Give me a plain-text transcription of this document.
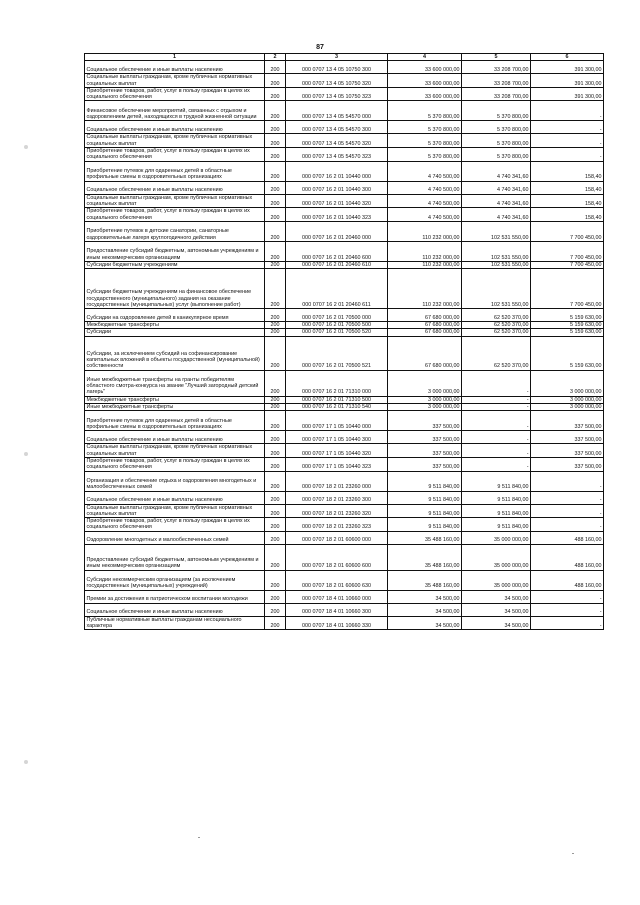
87
1	2	3	4	5	6
Социальное обеспечение и иные выплаты населению	200	000 0707 13 4 05 10750 300	33 600 000,00	33 208 700,00	391 300,00
Социальные выплаты гражданам, кроме публичных нормативных социальных выплат	200	000 0707 13 4 05 10750 320	33 600 000,00	33 208 700,00	391 300,00
Приобретение товаров, работ, услуг в пользу граждан в целях их социального обеспечения	200	000 0707 13 4 05 10750 323	33 600 000,00	33 208 700,00	391 300,00
Финансовое обеспечение мероприятий, связанных с отдыхом и оздоровлением детей, находящихся в трудной жизненной ситуации	200	000 0707 13 4 05 54570 000	5 370 800,00	5 370 800,00	-
Социальное обеспечение и иные выплаты населению	200	000 0707 13 4 05 54570 300	5 370 800,00	5 370 800,00	-
Социальные выплаты гражданам, кроме публичных нормативных социальных выплат	200	000 0707 13 4 05 54570 320	5 370 800,00	5 370 800,00	-
Приобретение товаров, работ, услуг в пользу граждан в целях их социального обеспечения	200	000 0707 13 4 05 54570 323	5 370 800,00	5 370 800,00	-
Приобретение путевок для одаренных детей в областные профильные смены в оздоровительных организациях	200	000 0707 16 2 01 10440 000	4 740 500,00	4 740 341,60	158,40
Социальное обеспечение и иные выплаты населению	200	000 0707 16 2 01 10440 300	4 740 500,00	4 740 341,60	158,40
Социальные выплаты гражданам, кроме публичных нормативных социальных выплат	200	000 0707 16 2 01 10440 320	4 740 500,00	4 740 341,60	158,40
Приобретение товаров, работ, услуг в пользу граждан в целях их социального обеспечения	200	000 0707 16 2 01 10440 323	4 740 500,00	4 740 341,60	158,40
Приобретение путевок в детские санатории, санаторные оздоровительные лагеря круглогодичного действия	200	000 0707 16 2 01 20460 000	110 232 000,00	102 531 550,00	7 700 450,00
Предоставление субсидий бюджетным, автономным учреждениям и иным некоммерческим организациям	200	000 0707 16 2 01 20460 600	110 232 000,00	102 531 550,00	7 700 450,00
Субсидии бюджетным учреждениям	200	000 0707 16 2 01 20460 610	110 232 000,00	102 531 550,00	7 700 450,00
Субсидии бюджетным учреждениям на финансовое обеспечение государственного (муниципального) задания на оказание государственных (муниципальных) услуг (выполнение работ)	200	000 0707 16 2 01 20460 611	110 232 000,00	102 531 550,00	7 700 450,00
Субсидии на оздоровление детей в каникулярное время	200	000 0707 16 2 01 70500 000	67 680 000,00	62 520 370,00	5 159 630,00
Межбюджетные трансферты	200	000 0707 16 2 01 70500 500	67 680 000,00	62 520 370,00	5 159 630,00
Субсидии	200	000 0707 16 2 01 70500 520	67 680 000,00	62 520 370,00	5 159 630,00
Субсидии, за исключением субсидий на софинансирование капитальных вложений в объекты государственной (муниципальной) собственности	200	000 0707 16 2 01 70500 521	67 680 000,00	62 520 370,00	5 159 630,00
Иные межбюджетные трансферты на гранты победителям областного смотра-конкурса на звание "Лучший загородный детский лагерь"	200	000 0707 16 2 01 71310 000	3 000 000,00	-	3 000 000,00
Межбюджетные трансферты	200	000 0707 16 2 01 71310 500	3 000 000,00	-	3 000 000,00
Иные межбюджетные трансферты	200	000 0707 16 2 01 71310 540	3 000 000,00	-	3 000 000,00
Приобретение путевок для одаренных детей в областные профильные смены в оздоровительных организациях	200	000 0707 17 1 05 10440 000	337 500,00	-	337 500,00
Социальное обеспечение и иные выплаты населению	200	000 0707 17 1 05 10440 300	337 500,00	-	337 500,00
Социальные выплаты гражданам, кроме публичных нормативных социальных выплат	200	000 0707 17 1 05 10440 320	337 500,00	-	337 500,00
Приобретение товаров, работ, услуг в пользу граждан в целях их социального обеспечения	200	000 0707 17 1 05 10440 323	337 500,00	-	337 500,00
Организация и обеспечение отдыха и оздоровления многодетных и малообеспеченных семей	200	000 0707 18 2 01 23260 000	9 511 840,00	9 511 840,00	-
Социальное обеспечение и иные выплаты населению	200	000 0707 18 2 01 23260 300	9 511 840,00	9 511 840,00	-
Социальные выплаты гражданам, кроме публичных нормативных социальных выплат	200	000 0707 18 2 01 23260 320	9 511 840,00	9 511 840,00	-
Приобретение товаров, работ, услуг в пользу граждан в целях их социального обеспечения	200	000 0707 18 2 01 23260 323	9 511 840,00	9 511 840,00	-
Оздоровление многодетных и малообеспеченных семей	200	000 0707 18 2 01 60600 000	35 488 160,00	35 000 000,00	488 160,00
Предоставление субсидий бюджетным, автономным учреждениям и иным некоммерческим организациям	200	000 0707 18 2 01 60600 600	35 488 160,00	35 000 000,00	488 160,00
Субсидии некоммерческим организациям (за исключением государственных (муниципальных) учреждений)	200	000 0707 18 2 01 60600 630	35 488 160,00	35 000 000,00	488 160,00
Премии за достижения в патриотическом воспитании молодежи	200	000 0707 18 4 01 10660 000	34 500,00	34 500,00	-
Социальное обеспечение и иные выплаты населению	200	000 0707 18 4 01 10660 300	34 500,00	34 500,00	-
Публичные нормативные выплаты гражданам несоциального характера	200	000 0707 18 4 01 10660 330	34 500,00	34 500,00	-
